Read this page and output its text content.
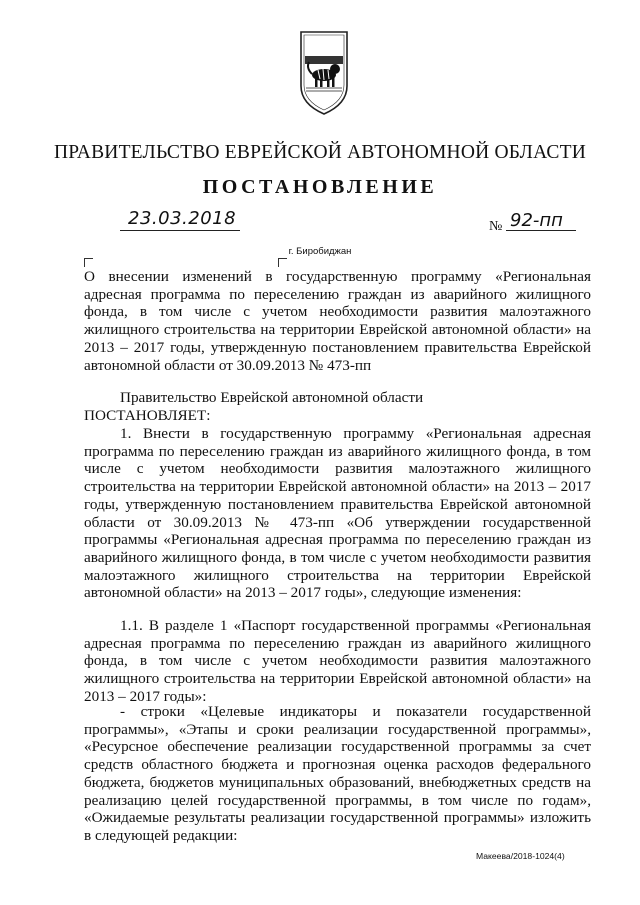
ПРАВИТЕЛЬСТВО ЕВРЕЙСКОЙ АВТОНОМНОЙ ОБЛАСТИ
ПОСТАНОВЛЕНИЕ
23.03.2018	№ 92-пп
г. Биробиджан

О внесении изменений в государственную программу «Региональная адресная программа по переселению граждан из аварийного жилищного фонда, в том числе с учетом необходимости развития малоэтажного жилищного строительства на территории Еврейской автономной области» на 2013 – 2017 годы, утвержденную постановлением правительства Еврейской автономной области от 30.09.2013 № 473-пп

Правительство Еврейской автономной области

ПОСТАНОВЛЯЕТ:

1. Внести в государственную программу «Региональная адресная программа по переселению граждан из аварийного жилищного фонда, в том числе с учетом необходимости развития малоэтажного жилищного строительства на территории Еврейской автономной области» на 2013 – 2017 годы, утвержденную постановлением правительства Еврейской автономной области от 30.09.2013 № 473-пп «Об утверждении государственной программы «Региональная адресная программа по переселению граждан из аварийного жилищного фонда, в том числе с учетом необходимости развития малоэтажного жилищного строительства на территории Еврейской автономной области» на 2013 – 2017 годы», следующие изменения:

1.1. В разделе 1 «Паспорт государственной программы «Региональная адресная программа по переселению граждан из аварийного жилищного фонда, в том числе с учетом необходимости развития малоэтажного жилищного строительства на территории Еврейской автономной области» на 2013 – 2017 годы»:

- строки «Целевые индикаторы и показатели государственной программы», «Этапы и сроки реализации государственной программы», «Ресурсное обеспечение реализации государственной программы за счет средств областного бюджета и прогнозная оценка расходов федерального бюджета, бюджетов муниципальных образований, внебюджетных средств на реализацию целей государственной программы, в том числе по годам», «Ожидаемые результаты реализации государственной программы» изложить в следующей редакции:

Макеева/2018-1024(4)
